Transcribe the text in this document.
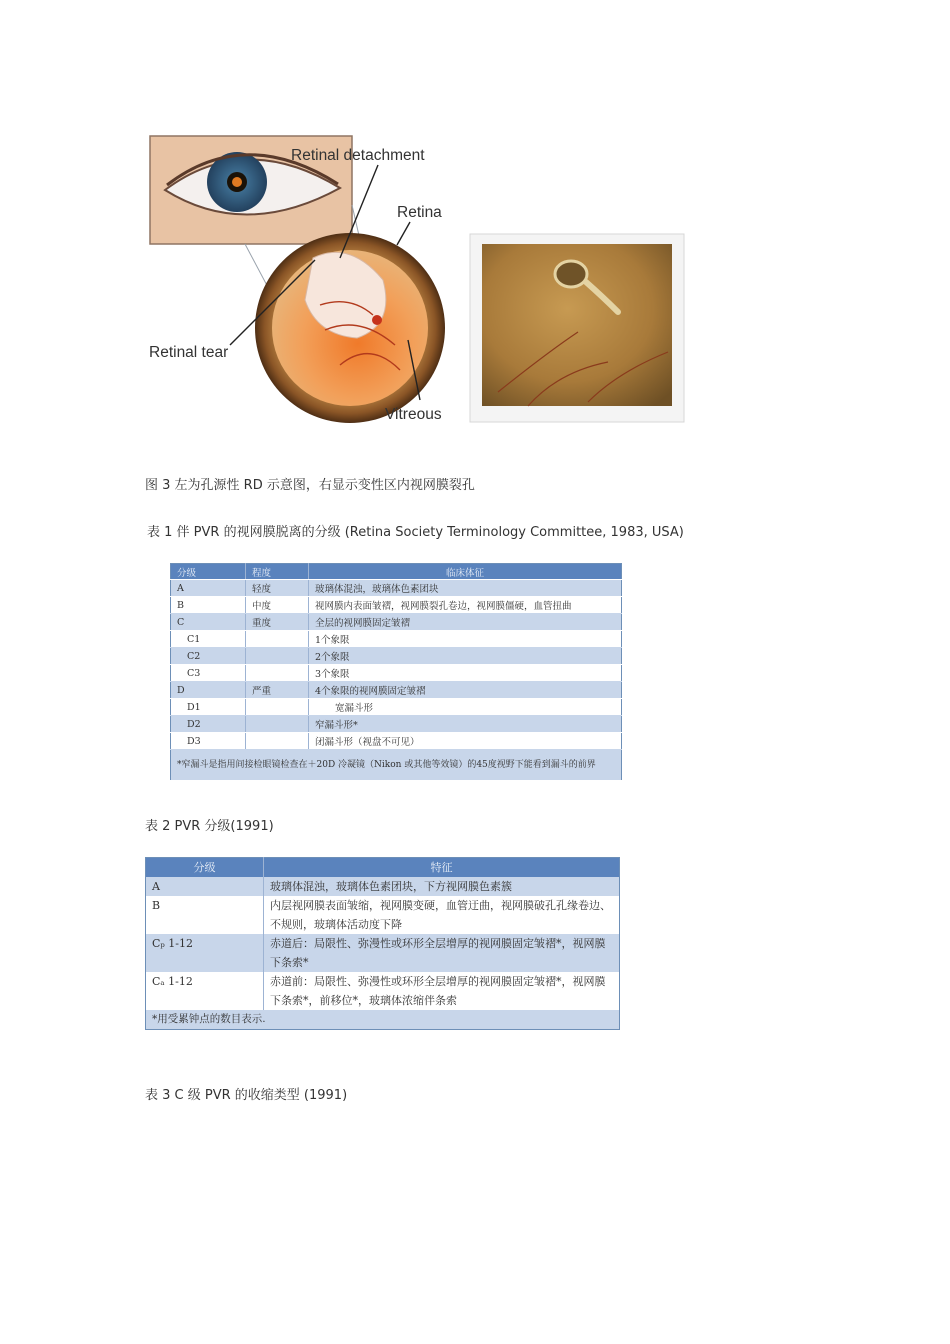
Retinal detachment
Retina
Retinal tear
Vitreous
图 3 左为孔源性 RD 示意图，右显示变性区内视网膜裂孔
表 1 伴 PVR 的视网膜脱离的分级 (Retina Society Terminology Committee, 1983, USA)
分级	程度	临床体征
A	轻度	玻璃体混浊，玻璃体色素团块
B	中度	视网膜内表面皱褶，视网膜裂孔卷边，视网膜僵硬，血管扭曲
C	重度	全层的视网膜固定皱褶
C1		1个象限
C2		2个象限
C3		3个象限
D	严重	4个象限的视网膜固定皱褶
D1		宽漏斗形
D2		窄漏斗形*
D3		闭漏斗形（视盘不可见）
*窄漏斗是指用间接检眼镜检查在＋20D 冷凝镜（Nikon 或其他等效镜）的45度视野下能看到漏斗的前界		
表 2 PVR 分级(1991)
分级	特征
A	玻璃体混浊，玻璃体色素团块，下方视网膜色素簇
B	内层视网膜表面皱缩，视网膜变硬，血管迂曲，视网膜破孔孔缘卷边、不规则，玻璃体活动度下降
Cₚ 1-12	赤道后：局限性、弥漫性或环形全层增厚的视网膜固定皱褶*，视网膜下条索*
Cₐ 1-12	赤道前：局限性、弥漫性或环形全层增厚的视网膜固定皱褶*，视网膜下条索*，前移位*，玻璃体浓缩伴条索
*用受累钟点的数目表示.	
表 3 C 级 PVR 的收缩类型 (1991)
